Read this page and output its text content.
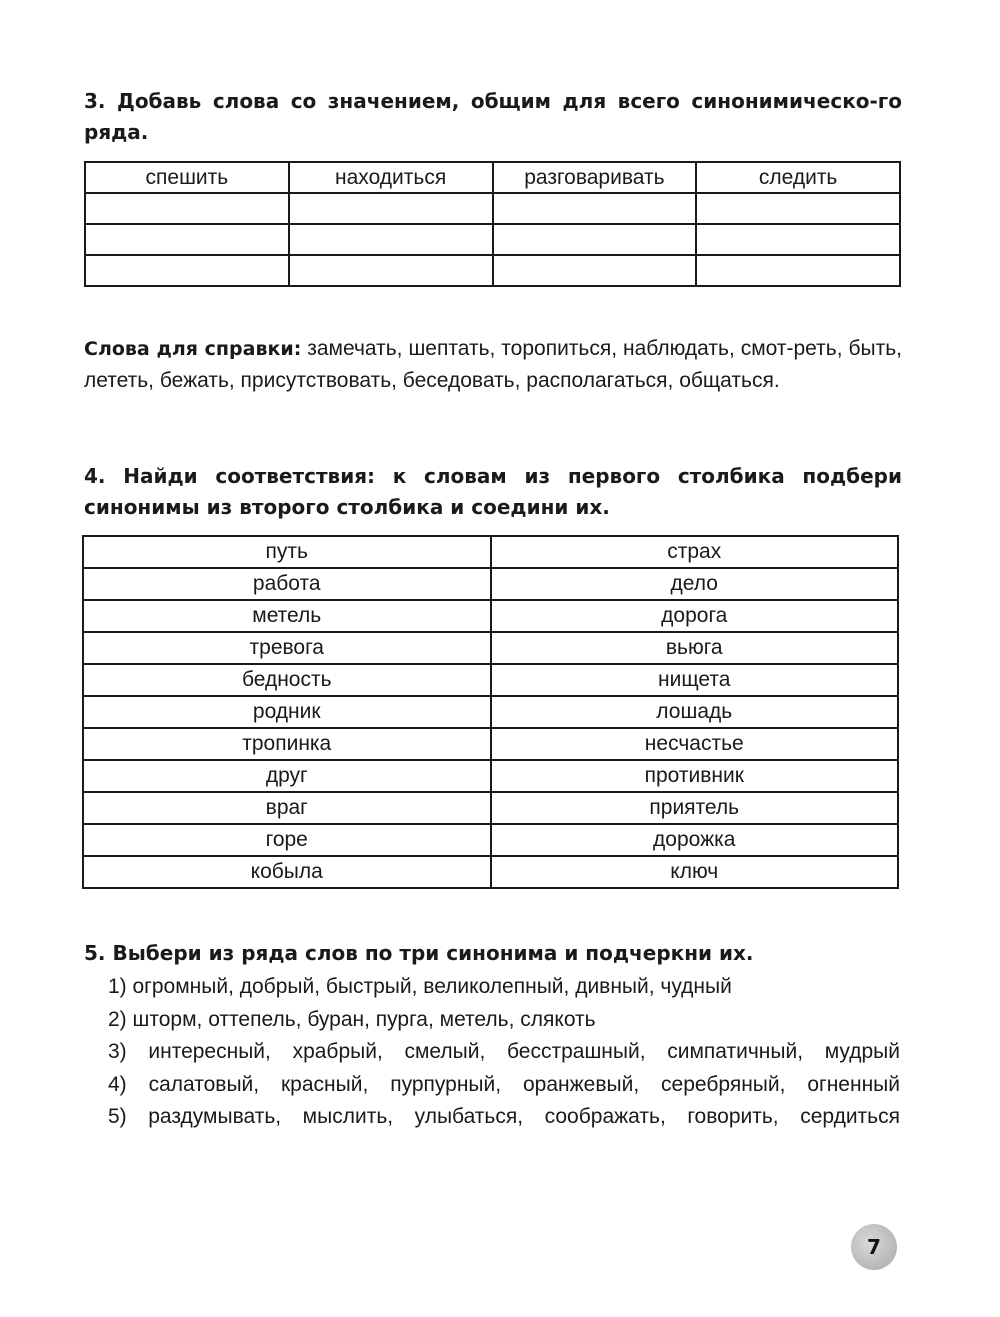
3. Добавь слова со значением, общим для всего синонимическо-го ряда.

спешить	находиться	разговаривать	следить

Слова для справки: замечать, шептать, торопиться, наблюдать, смот-реть, быть, лететь, бежать, присутствовать, беседовать, располагаться, общаться.

4. Найди соответствия: к словам из первого столбика подбери синонимы из второго столбика и соедини их.

путь	страх
работа	дело
метель	дорога
тревога	вьюга
бедность	нищета
родник	лошадь
тропинка	несчастье
друг	противник
враг	приятель
горе	дорожка
кобыла	ключ

5. Выбери из ряда слов по три синонима и подчеркни их.

1) огромный, добрый, быстрый, великолепный, дивный, чудный
2) шторм, оттепель, буран, пурга, метель, слякоть
3) интересный, храбрый, смелый, бесстрашный, симпатичный, мудрый
4) салатовый, красный, пурпурный, оранжевый, серебряный, огненный
5) раздумывать, мыслить, улыбаться, соображать, говорить, сердиться
7
